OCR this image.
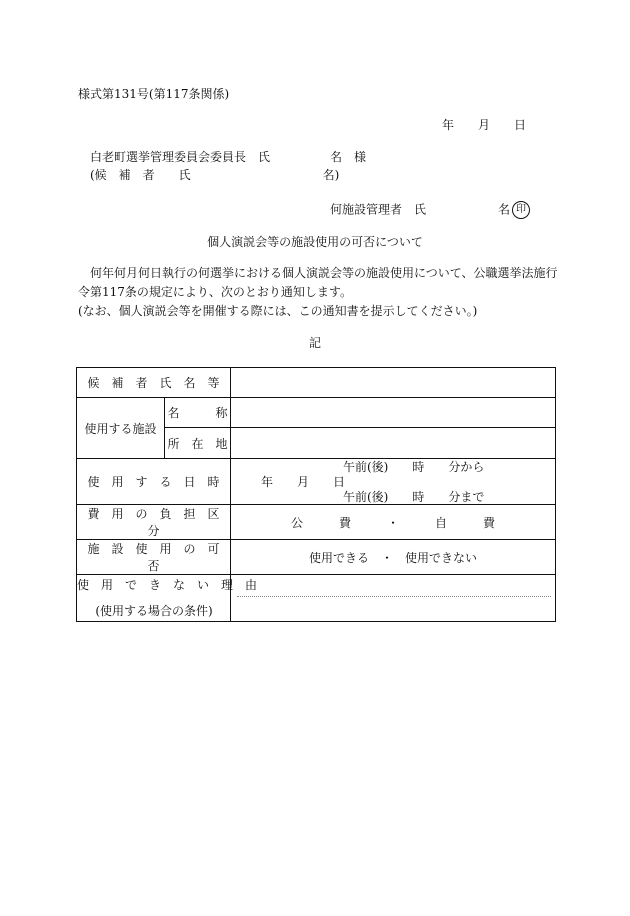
様式第131号(第117条関係)
年　　月　　日
白老町選挙管理委員会委員長　氏　　　　　名　様
(候　補　者　　氏　　　　　　　　　　　名)
何施設管理者　氏　　　　　　名 印
個人演説会等の施設使用の可否について
何年何月何日執行の何選挙における個人演説会等の施設使用について、公職選挙法施行
令第117条の規定により、次のとおり通知します。
(なお、個人演説会等を開催する際には、この通知書を提示してください。)
記
候　補　者　氏　名　等		
使用する施設	名　　　称	
	所　在　地	
使　用　す　る　日　時		午前(後)　　時　　分から
年　　月　　日
午前(後)　　時　　分まで

費　用　の　負　担　区　分		公　　　費　　　・　　　自　　　費
施　設　使　用　の　可　否		使用できる　・　使用できない

使　用　で　き　な　い　理　由
(使用する場合の条件)		
